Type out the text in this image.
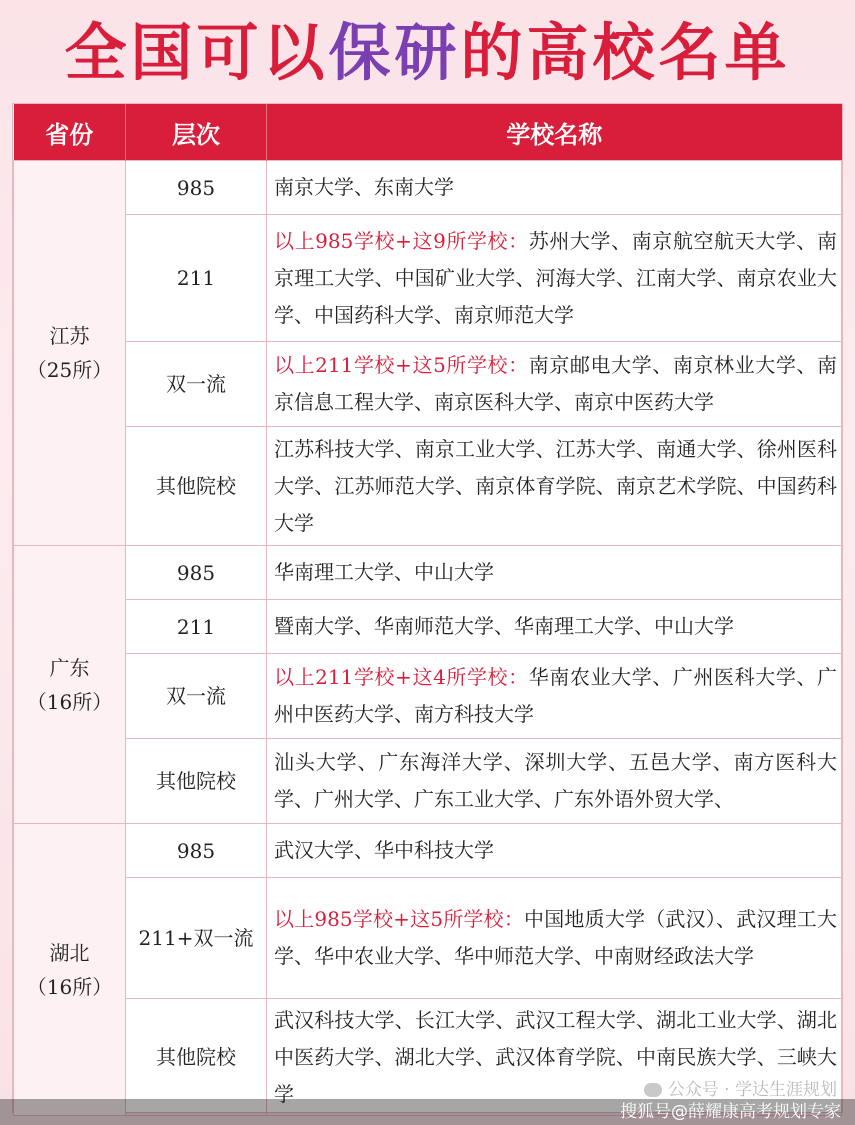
全国可以 保研 的高校名单
省份	层次	学校名称

江苏
（25所）	985	南京大学、东南大学
	211	以上985学校+这9所学校：苏州大学、南京航空航天大学、南京理工大学、中国矿业大学、河海大学、江南大学、南京农业大学、中国药科大学、南京师范大学
	双一流	以上211学校+这5所学校：南京邮电大学、南京林业大学、南京信息工程大学、南京医科大学、南京中医药大学
	其他院校	江苏科技大学、南京工业大学、江苏大学、南通大学、徐州医科大学、江苏师范大学、南京体育学院、南京艺术学院、中国药科大学

广东
（16所）	985	华南理工大学、中山大学
	211	暨南大学、华南师范大学、华南理工大学、中山大学
	双一流	以上211学校+这4所学校：华南农业大学、广州医科大学、广州中医药大学、南方科技大学
	其他院校	汕头大学、广东海洋大学、深圳大学、五邑大学、南方医科大学、广州大学、广东工业大学、广东外语外贸大学、

湖北
（16所）	985	武汉大学、华中科技大学
	211+双一流	以上985学校+这5所学校：中国地质大学（武汉）、武汉理工大学、华中农业大学、华中师范大学、中南财经政法大学
	其他院校	武汉科技大学、长江大学、武汉工程大学、湖北工业大学、湖北中医药大学、湖北大学、武汉体育学院、中南民族大学、三峡大学	公众号 · 学达生涯规划
搜狐号@薛耀康高考规划专家
